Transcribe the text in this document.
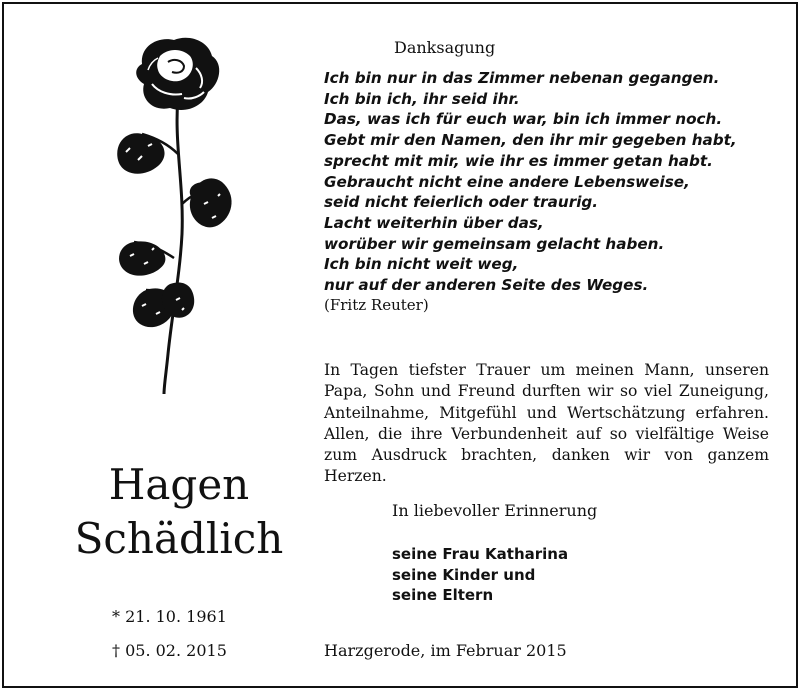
Danksagung
Ich bin nur in das Zimmer nebenan gegangen.
Ich bin ich, ihr seid ihr.
Das, was ich für euch war, bin ich immer noch.
Gebt mir den Namen, den ihr mir gegeben habt,
sprecht mit mir, wie ihr es immer getan habt.
Gebraucht nicht eine andere Lebensweise,
seid nicht feierlich oder traurig.
Lacht weiterhin über das,
worüber wir gemeinsam gelacht haben.
Ich bin nicht weit weg,
nur auf der anderen Seite des Weges.
(Fritz Reuter)

In Tagen tiefster Trauer um meinen Mann, unseren Papa, Sohn und Freund durften wir so viel Zuneigung, Anteilnahme, Mitgefühl und Wertschätzung erfahren. Allen, die ihre Verbundenheit auf so vielfältige Weise zum Ausdruck brachten, danken wir von ganzem Herzen.

Hagen
Schädlich
* 21. 10. 1961
† 05. 02. 2015
In liebevoller Erinnerung
seine Frau Katharina
seine Kinder und
seine Eltern
Harzgerode, im Februar 2015
